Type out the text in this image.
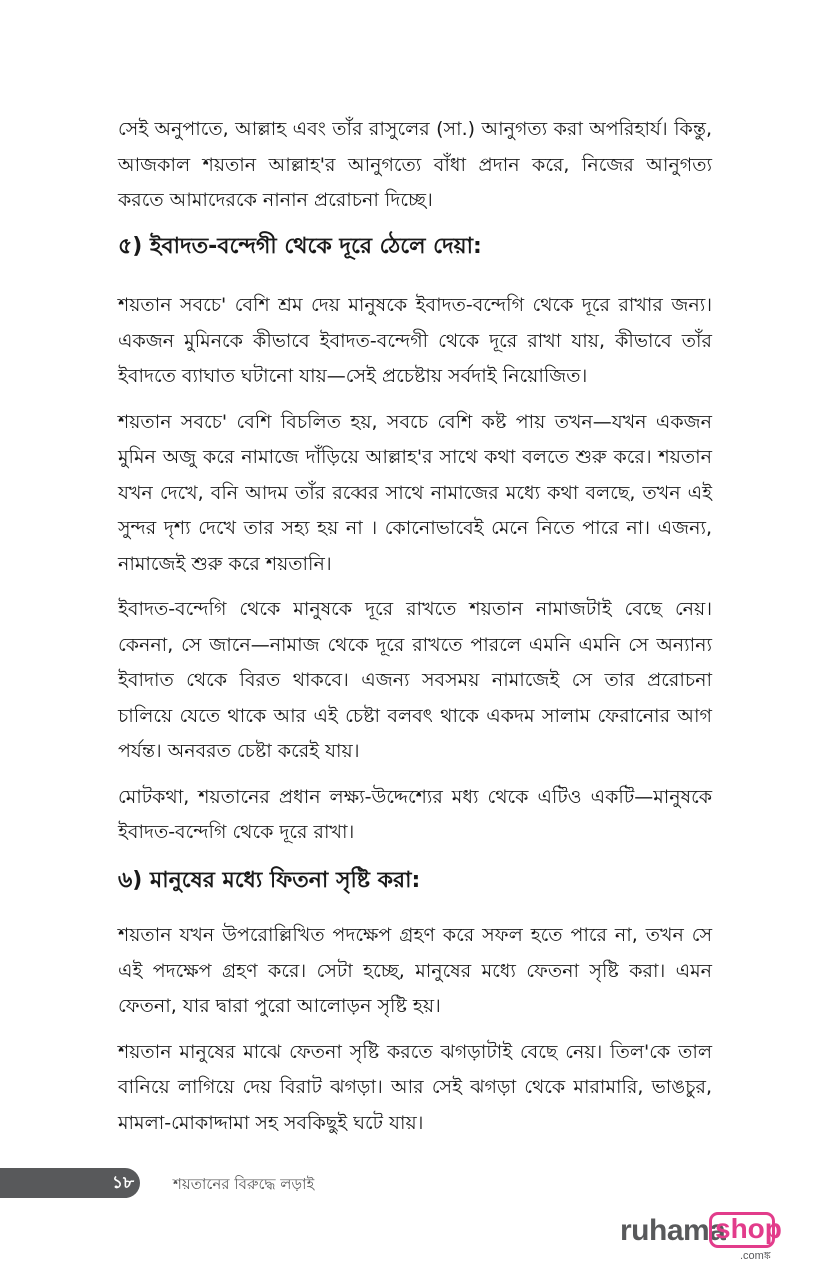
সেই অনুপাতে, আল্লাহ এবং তাঁর রাসুলের (সা.) আনুগত্য করা অপরিহার্য। কিন্তু, আজকাল শয়তান আল্লাহ'র আনুগত্যে বাঁধা প্রদান করে, নিজের আনুগত্য করতে আমাদেরকে নানান প্ররোচনা দিচ্ছে।

৫) ইবাদত-বন্দেগী থেকে দূরে ঠেলে দেয়া:

শয়তান সবচে' বেশি শ্রম দেয় মানুষকে ইবাদত-বন্দেগি থেকে দূরে রাখার জন্য। একজন মুমিনকে কীভাবে ইবাদত-বন্দেগী থেকে দূরে রাখা যায়, কীভাবে তাঁর ইবাদতে ব্যাঘাত ঘটানো যায়—সেই প্রচেষ্টায় সর্বদাই নিয়োজিত।

শয়তান সবচে' বেশি বিচলিত হয়, সবচে বেশি কষ্ট পায় তখন—যখন একজন মুমিন অজু করে নামাজে দাঁড়িয়ে আল্লাহ'র সাথে কথা বলতে শুরু করে। শয়তান যখন দেখে, বনি আদম তাঁর রব্বের সাথে নামাজের মধ্যে কথা বলছে, তখন এই সুন্দর দৃশ্য দেখে তার সহ্য হয় না । কোনোভাবেই মেনে নিতে পারে না। এজন্য, নামাজেই শুরু করে শয়তানি।

ইবাদত-বন্দেগি থেকে মানুষকে দূরে রাখতে শয়তান নামাজটাই বেছে নেয়। কেননা, সে জানে—নামাজ থেকে দূরে রাখতে পারলে এমনি এমনি সে অন্যান্য ইবাদাত থেকে বিরত থাকবে। এজন্য সবসময় নামাজেই সে তার প্ররোচনা চালিয়ে যেতে থাকে আর এই চেষ্টা বলবৎ থাকে একদম সালাম ফেরানোর আগ পর্যন্ত। অনবরত চেষ্টা করেই যায়।

মোটকথা, শয়তানের প্রধান লক্ষ্য-উদ্দেশ্যের মধ্য থেকে এটিও একটি—মানুষকে ইবাদত-বন্দেগি থেকে দূরে রাখা।

৬) মানুষের মধ্যে ফিতনা সৃষ্টি করা:

শয়তান যখন উপরোল্লিখিত পদক্ষেপ গ্রহণ করে সফল হতে পারে না, তখন সে এই পদক্ষেপ গ্রহণ করে। সেটা হচ্ছে, মানুষের মধ্যে ফেতনা সৃষ্টি করা। এমন ফেতনা, যার দ্বারা পুরো আলোড়ন সৃষ্টি হয়।

শয়তান মানুষের মাঝে ফেতনা সৃষ্টি করতে ঝগড়াটাই বেছে নেয়। তিল'কে তাল বানিয়ে লাগিয়ে দেয় বিরাট ঝগড়া। আর সেই ঝগড়া থেকে মারামারি, ভাঙচুর, মামলা-মোকাদ্দামা সহ সবকিছুই ঘটে যায়।

১৮	শয়তানের বিরুদ্ধে লড়াই
ruhama
shop
.comঙ্ক
